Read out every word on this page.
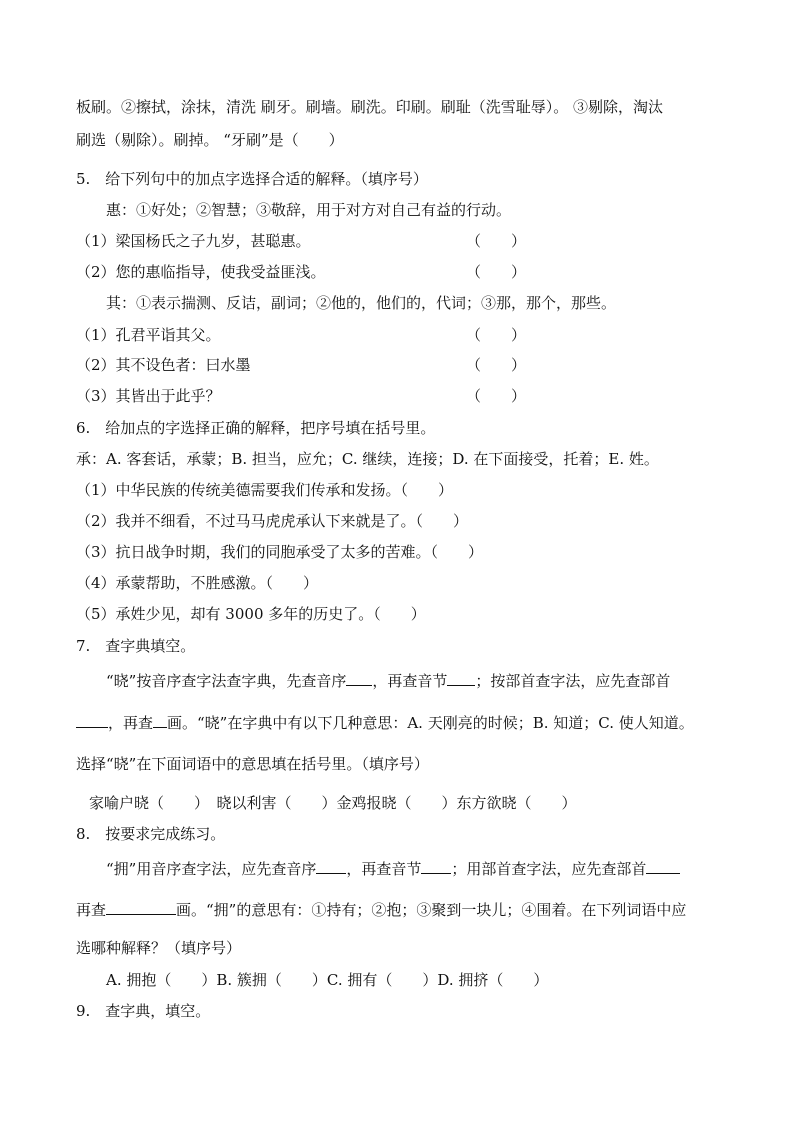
板刷。②擦拭，涂抹，清洗 刷牙。刷墙。刷洗。印刷。刷耻（洗雪耻辱）。 ③剔除，淘汰
刷选（剔除）。刷掉。 “牙刷”是（　　）
5.　给下列句中的加点字选择合适的解释。（填序号）
惠：①好处；②智慧；③敬辞，用于对方对自己有益的行动。
（1）梁国杨氏之子九岁，甚聪惠。	（　　）
（2）您的惠临指导，使我受益匪浅。	（　　）
其：①表示揣测、反诘，副词；②他的，他们的，代词；③那，那个，那些。
（1）孔君平诣其父。	（　　）
（2）其不设色者：曰水墨	（　　）
（3）其皆出于此乎？	（　　）
6.　给加点的字选择正确的解释，把序号填在括号里。
承：A. 客套话，承蒙；B. 担当，应允；C. 继续，连接；D. 在下面接受，托着；E. 姓。
（1）中华民族的传统美德需要我们传承和发扬。（　　）
（2）我并不细看，不过马马虎虎承认下来就是了。（　　）
（3）抗日战争时期，我们的同胞承受了太多的苦难。（　　）
（4）承蒙帮助，不胜感激。（　　）
（5）承姓少见，却有 3000 多年的历史了。（　　）
7.　查字典填空。
“晓”按音序查字法查字典，先查音序 ，再查音节 ；按部首查字法，应先查部首
，再查 画。“晓”在字典中有以下几种意思：A. 天刚亮的时候；B. 知道；C. 使人知道。
选择“晓”在下面词语中的意思填在括号里。（填序号）
家喻户晓（　　）　晓以利害（　　）金鸡报晓（　　）东方欲晓（　　）
8.　按要求完成练习。
“拥”用音序查字法，应先查音序 ，再查音节 ；用部首查字法，应先查部首
再查	画。“拥”的意思有：①持有；②抱；③聚到一块儿；④围着。在下列词语中应
选哪种解释？（填序号）
A. 拥抱（　　）B. 簇拥（　　）C. 拥有（　　）D. 拥挤（　　）
9.　查字典，填空。
